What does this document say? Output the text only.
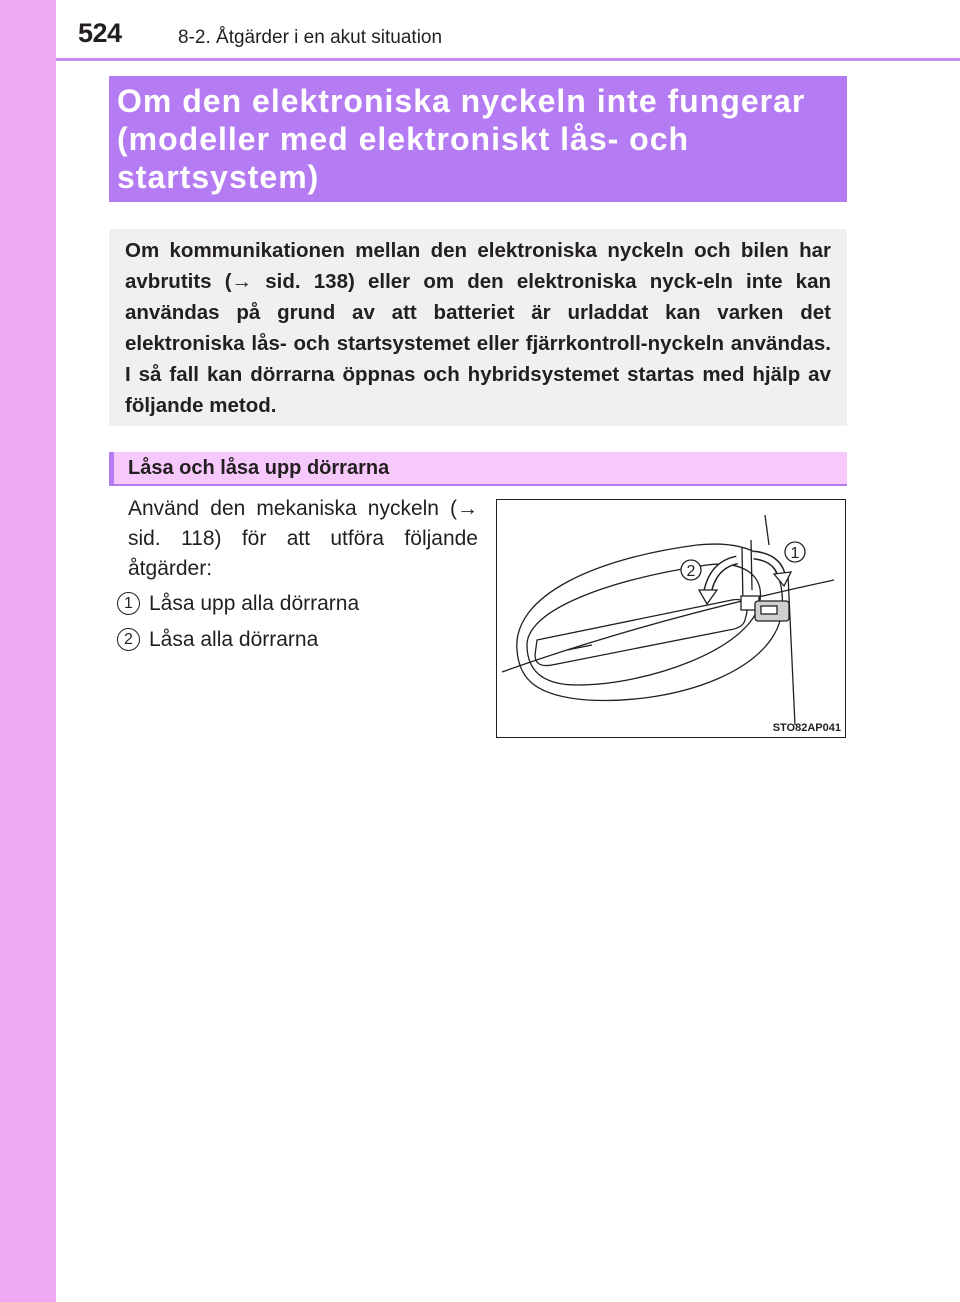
524	8-2. Åtgärder i en akut situation

Om den elektroniska nyckeln inte fungerar
(modeller med elektroniskt lås- och
startsystem)

Om kommunikationen mellan den elektroniska nyckeln och bilen har avbrutits (→ sid. 138) eller om den elektroniska nyck-eln inte kan användas på grund av att batteriet är urladdat kan varken det elektroniska lås- och startsystemet eller fjärrkontroll-nyckeln användas. I så fall kan dörrarna öppnas och hybridsystemet startas med hjälp av följande metod.

Låsa och låsa upp dörrarna

Använd den mekaniska nyckeln (→ sid. 118) för att utföra följande åtgärder:

1 Låsa upp alla dörrarna
2 Låsa alla dörrarna
2
1
STO82AP041
